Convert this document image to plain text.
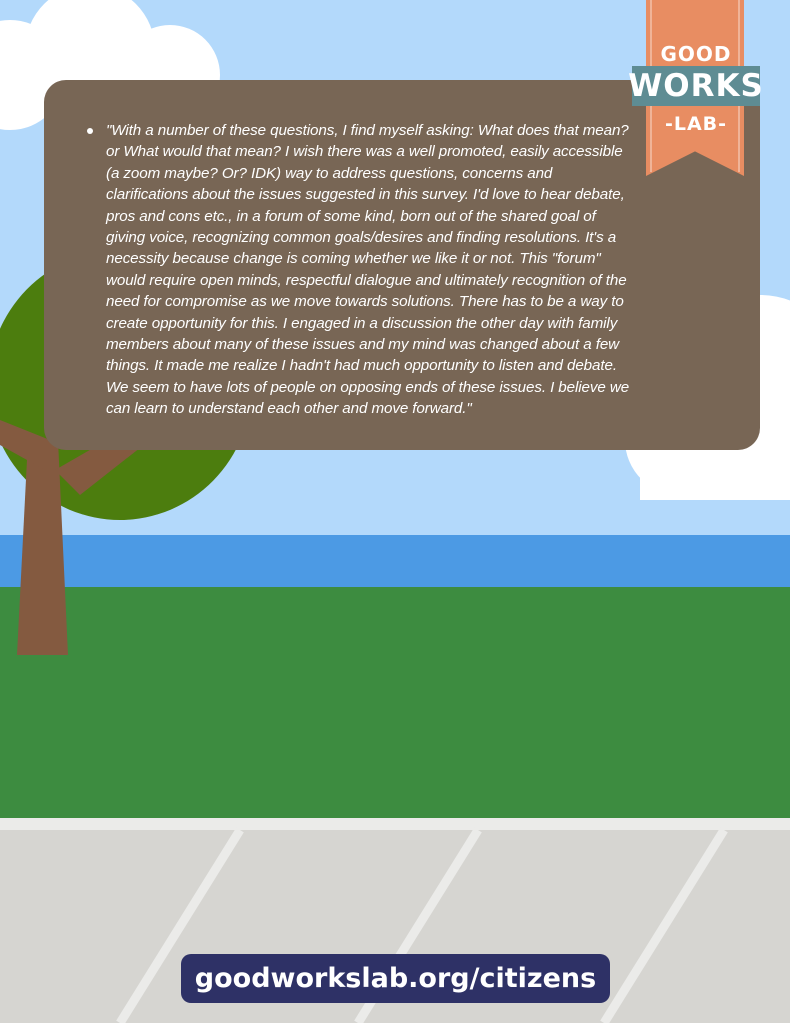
"With a number of these questions, I find myself asking: What does that mean? or What would that mean? I wish there was a well promoted, easily accessible (a zoom maybe? Or? IDK) way to address questions, concerns and clarifications about the issues suggested in this survey. I'd love to hear debate, pros and cons etc., in a forum of some kind, born out of the shared goal of giving voice, recognizing common goals/desires and finding resolutions. It's a necessity because change is coming whether we like it or not. This "forum" would require open minds, respectful dialogue and ultimately recognition of the need for compromise as we move towards solutions. There has to be a way to create opportunity for this. I engaged in a discussion the other day with family members about many of these issues and my mind was changed about a few things. It made me realize I hadn't had much opportunity to listen and debate. We seem to have lots of people on opposing ends of these issues. I believe we can learn to understand each other and move forward."
GOOD
WORKS
-LAB-
goodworkslab.org/citizens
